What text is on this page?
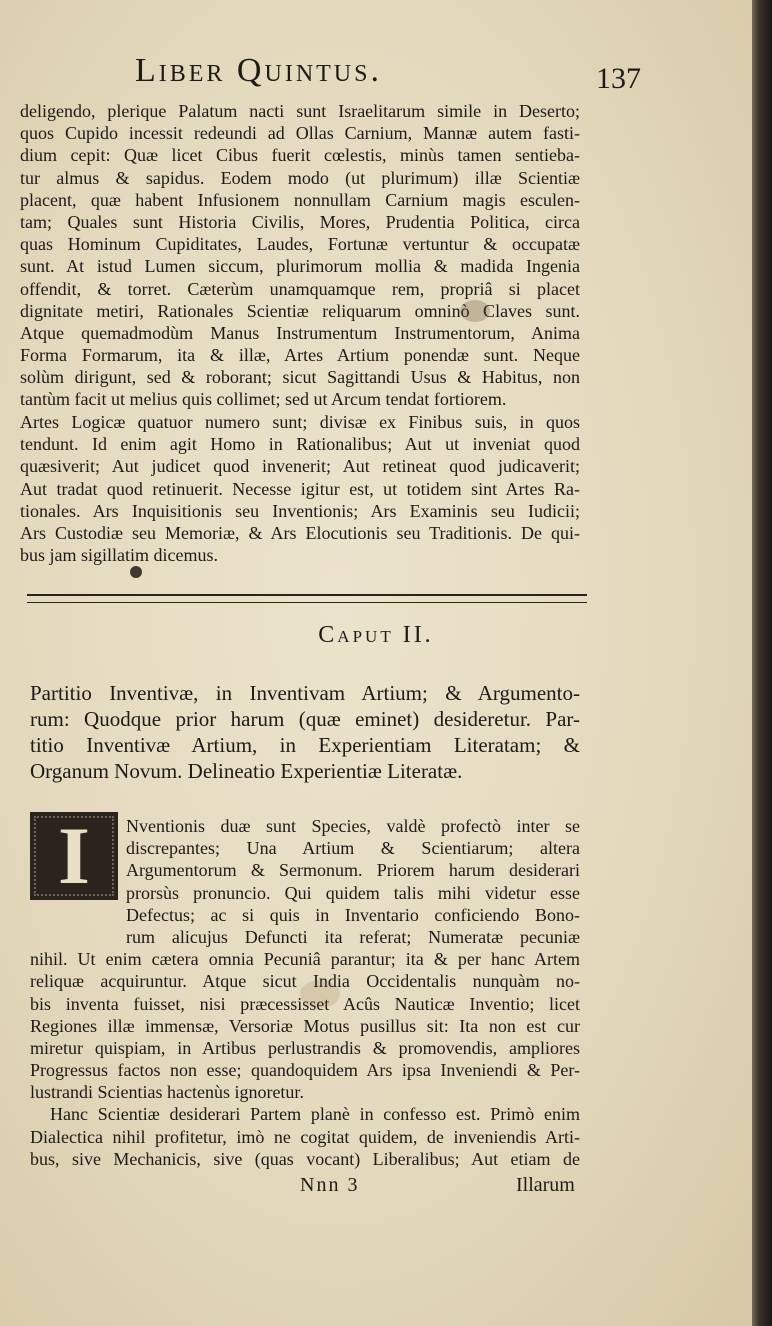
Liber Quintus.	137
deligendo, plerique Palatum nacti sunt Israelitarum simile in Deserto;
quos Cupido incessit redeundi ad Ollas Carnium, Mannæ autem fasti-
dium cepit: Quæ licet Cibus fuerit cœlestis, minùs tamen sentieba-
tur almus & sapidus. Eodem modo (ut plurimum) illæ Scientiæ
placent, quæ habent Infusionem nonnullam Carnium magis esculen-
tam; Quales sunt Historia Civilis, Mores, Prudentia Politica, circa
quas Hominum Cupiditates, Laudes, Fortunæ vertuntur & occupatæ
sunt. At istud Lumen siccum, plurimorum mollia & madida Ingenia
offendit, & torret. Cæterùm unamquamque rem, propriâ si placet
dignitate metiri, Rationales Scientiæ reliquarum omninò Claves sunt.
Atque quemadmodùm Manus Instrumentum Instrumentorum, Anima
Forma Formarum, ita & illæ, Artes Artium ponendæ sunt. Neque
solùm dirigunt, sed & roborant; sicut Sagittandi Usus & Habitus, non
tantùm facit ut melius quis collimet; sed ut Arcum tendat fortiorem.
Artes Logicæ quatuor numero sunt; divisæ ex Finibus suis, in quos
tendunt. Id enim agit Homo in Rationalibus; Aut ut inveniat quod
quæsiverit; Aut judicet quod invenerit; Aut retineat quod judicaverit;
Aut tradat quod retinuerit. Necesse igitur est, ut totidem sint Artes Ra-
tionales. Ars Inquisitionis seu Inventionis; Ars Examinis seu Iudicii;
Ars Custodiæ seu Memoriæ, & Ars Elocutionis seu Traditionis. De qui-
bus jam sigillatim dicemus.
Caput II.
Partitio Inventivæ, in Inventivam Artium; & Argumento-
rum: Quodque prior harum (quæ eminet) desideretur. Par-
titio Inventivæ Artium, in Experientiam Literatam; &
Organum Novum. Delineatio Experientiæ Literatæ.
I	Nventionis duæ sunt Species, valdè profectò inter se
discrepantes; Una Artium & Scientiarum; altera
Argumentorum & Sermonum. Priorem harum desiderari
prorsùs pronuncio. Qui quidem talis mihi videtur esse
Defectus; ac si quis in Inventario conficiendo Bono-
rum alicujus Defuncti ita referat; Numeratæ pecuniæ
nihil. Ut enim cætera omnia Pecuniâ parantur; ita & per hanc Artem
reliquæ acquiruntur. Atque sicut India Occidentalis nunquàm no-
bis inventa fuisset, nisi præcessisset Acûs Nauticæ Inventio; licet
Regiones illæ immensæ, Versoriæ Motus pusillus sit: Ita non est cur
miretur quispiam, in Artibus perlustrandis & promovendis, ampliores
Progressus factos non esse; quandoquidem Ars ipsa Inveniendi & Per-
lustrandi Scientias hactenùs ignoretur.
Hanc Scientiæ desiderari Partem planè in confesso est. Primò enim
Dialectica nihil profitetur, imò ne cogitat quidem, de inveniendis Arti-
bus, sive Mechanicis, sive (quas vocant) Liberalibus; Aut etiam de
Nnn 3	Illarum
